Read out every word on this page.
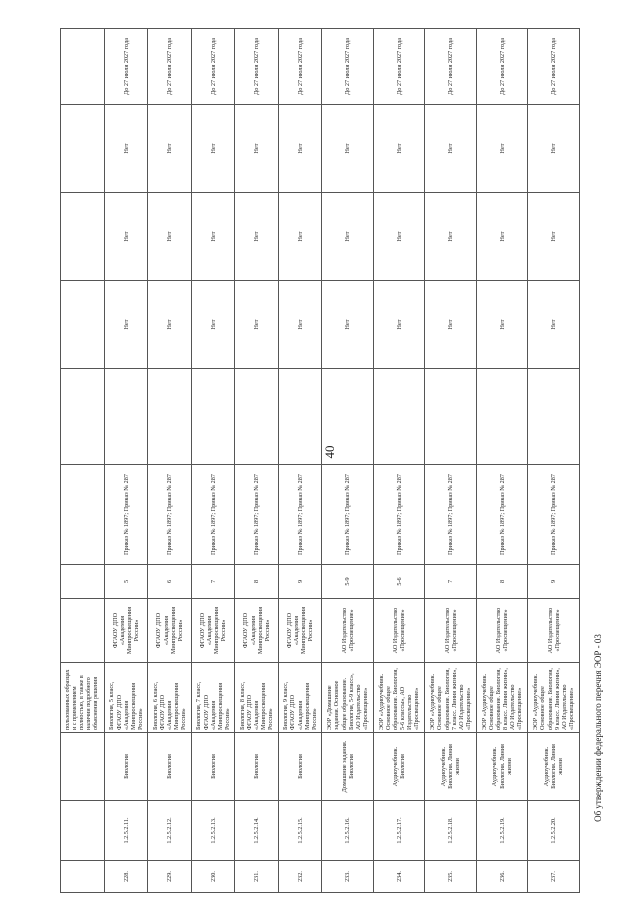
40
			пользованных образцах и с применением полностью, в также в наличии подробного объяснения решения								
228.	1.2.5.2.11.	Биология	Биология, 5 класс, ФГАОУ ДПО «Академия Минпросвещения России»	ФГАОУ ДПО «Академия Минпросвещения России»	5	Приказ № 1897; Приказ № 287		Нет	Нет	Нет	До 27 июля 2027 года
229.	1.2.5.2.12.	Биология	Биология, 6 класс, ФГАОУ ДПО «Академия Минпросвещения России»	ФГАОУ ДПО «Академия Минпросвещения России»	6	Приказ № 1897; Приказ № 287		Нет	Нет	Нет	До 27 июля 2027 года
230.	1.2.5.2.13.	Биология	Биология, 7 класс, ФГАОУ ДПО «Академия Минпросвещения России»	ФГАОУ ДПО «Академия Минпросвещения России»	7	Приказ № 1897; Приказ № 287		Нет	Нет	Нет	До 27 июля 2027 года
231.	1.2.5.2.14.	Биология	Биология, 8 класс, ФГАОУ ДПО «Академия Минпросвещения России»	ФГАОУ ДПО «Академия Минпросвещения России»	8	Приказ № 1897; Приказ № 287		Нет	Нет	Нет	До 27 июля 2027 года
232.	1.2.5.2.15.	Биология	Биология, 9 класс, ФГАОУ ДПО «Академия Минпросвещения России»	ФГАОУ ДПО «Академия Минпросвещения России»	9	Приказ № 1897; Приказ № 287		Нет	Нет	Нет	До 27 июля 2027 года
233.	1.2.5.2.16.	Домашние задания. Биология	ЭОР «Домашние задания. Основное общее образование. Биология, 5-9 класс», АО Издательство «Просвещение»	АО Издательство «Просвещение»	5-9	Приказ № 1897; Приказ № 287		Нет	Нет	Нет	До 27 июля 2027 года
234.	1.2.5.2.17.	Аудиоучебник. Биология	ЭОР «Аудиоучебник. Основное общее образование. Биология, 5-6 классы», АО Издательство «Просвещение»	АО Издательство «Просвещение»	5-6	Приказ № 1897; Приказ № 287		Нет	Нет	Нет	До 27 июля 2027 года
235.	1.2.5.2.18.	Аудиоучебник. Биология. Линия жизни	ЭОР «Аудиоучебник. Основное общее образование. Биология, 7 класс. Линия жизни», АО Издательство «Просвещение»	АО Издательство «Просвещение»	7	Приказ № 1897; Приказ № 287		Нет	Нет	Нет	До 27 июля 2027 года
236.	1.2.5.2.19.	Аудиоучебник. Биология. Линия жизни	ЭОР «Аудиоучебник. Основное общее образование. Биология, 8 класс. Линия жизни», АО Издательство «Просвещение»	АО Издательство «Просвещение»	8	Приказ № 1897; Приказ № 287		Нет	Нет	Нет	До 27 июля 2027 года
237.	1.2.5.2.20.	Аудиоучебник. Биология. Линия жизни	ЭОР «Аудиоучебник. Основное общее образование. Биология, 9 класс. Линия жизни», АО Издательство «Просвещение»	АО Издательство «Просвещение»	9	Приказ № 1897; Приказ № 287		Нет	Нет	Нет	До 27 июля 2027 года
Об утверждении федерального перечня ЭОР - 03
